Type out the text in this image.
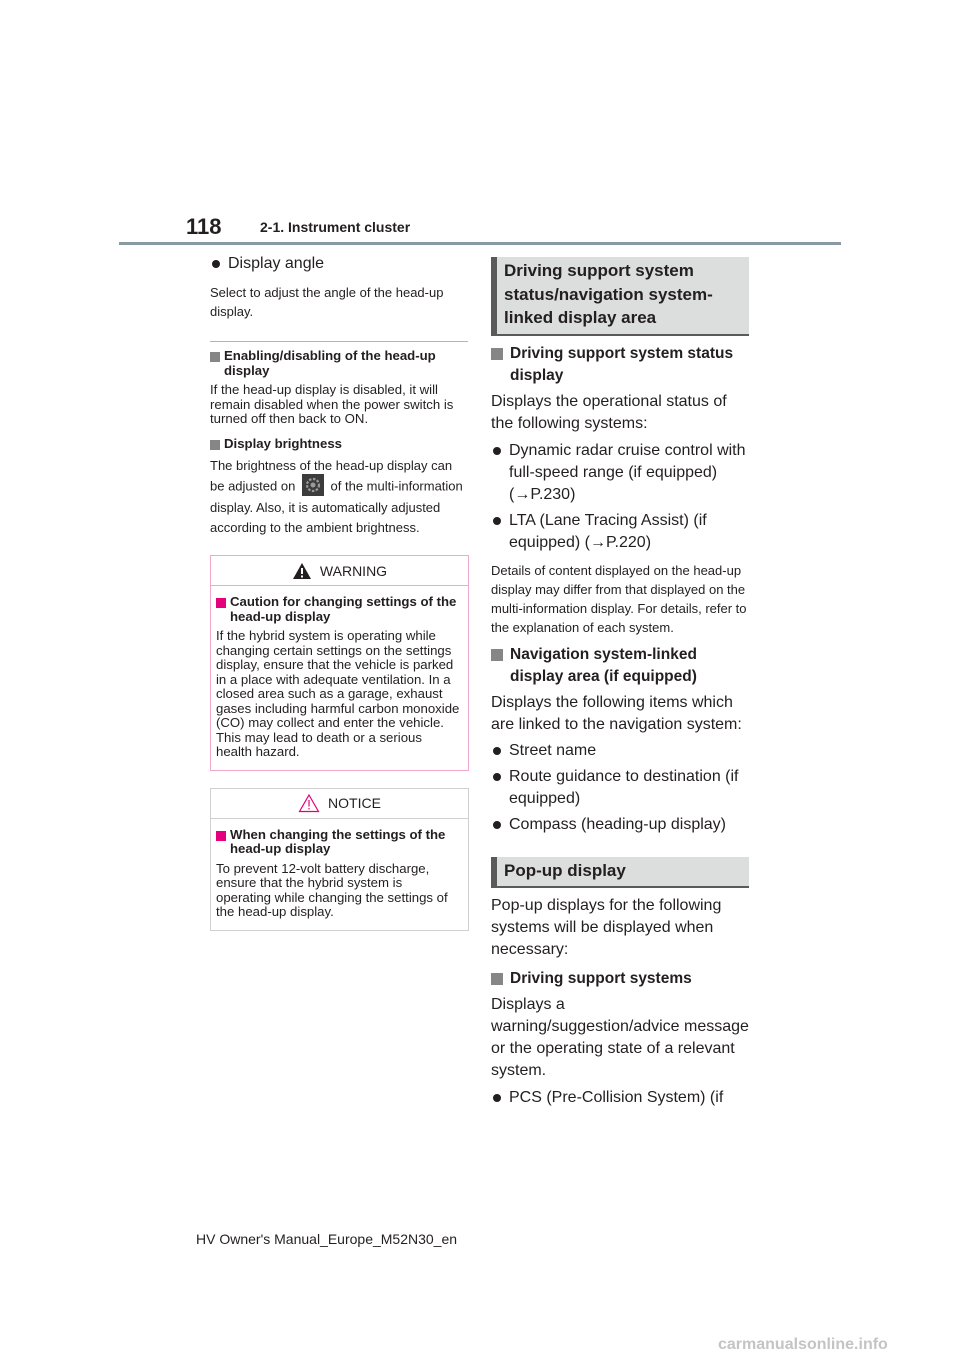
118	2-1. Instrument cluster
Display angle

Select to adjust the angle of the head-up display.

Enabling/disabling of the head-up display

If the head-up display is disabled, it will remain disabled when the power switch is turned off then back to ON.

Display brightness

The brightness of the head-up display can be adjusted on	of the multi-information display. Also, it is automatically adjusted according to the ambient brightness.

WARNING
Caution for changing settings of the head-up display

If the hybrid system is operating while changing certain settings on the settings display, ensure that the vehicle is parked in a place with adequate ventilation. In a closed area such as a garage, exhaust gases including harmful carbon monoxide (CO) may collect and enter the vehicle. This may lead to death or a serious health hazard.

NOTICE
When changing the settings of the head-up display

To prevent 12-volt battery discharge, ensure that the hybrid system is operating while changing the settings of the head-up display.

Driving support system status/navigation system-linked display area
Driving support system status display

Displays the operational status of the following systems:

Dynamic radar cruise control with full-speed range (if equipped) (→P.230)
LTA (Lane Tracing Assist) (if equipped) (→P.220)

Details of content displayed on the head-up display may differ from that displayed on the multi-information display. For details, refer to the explanation of each system.

Navigation system-linked display area (if equipped)

Displays the following items which are linked to the navigation system:

Street name
Route guidance to destination (if equipped)
Compass (heading-up display)
Pop-up display

Pop-up displays for the following systems will be displayed when necessary:

Driving support systems

Displays a warning/suggestion/advice message or the operating state of a relevant system.

PCS (Pre-Collision System) (if
HV Owner's Manual_Europe_M52N30_en
carmanualsonline.info
